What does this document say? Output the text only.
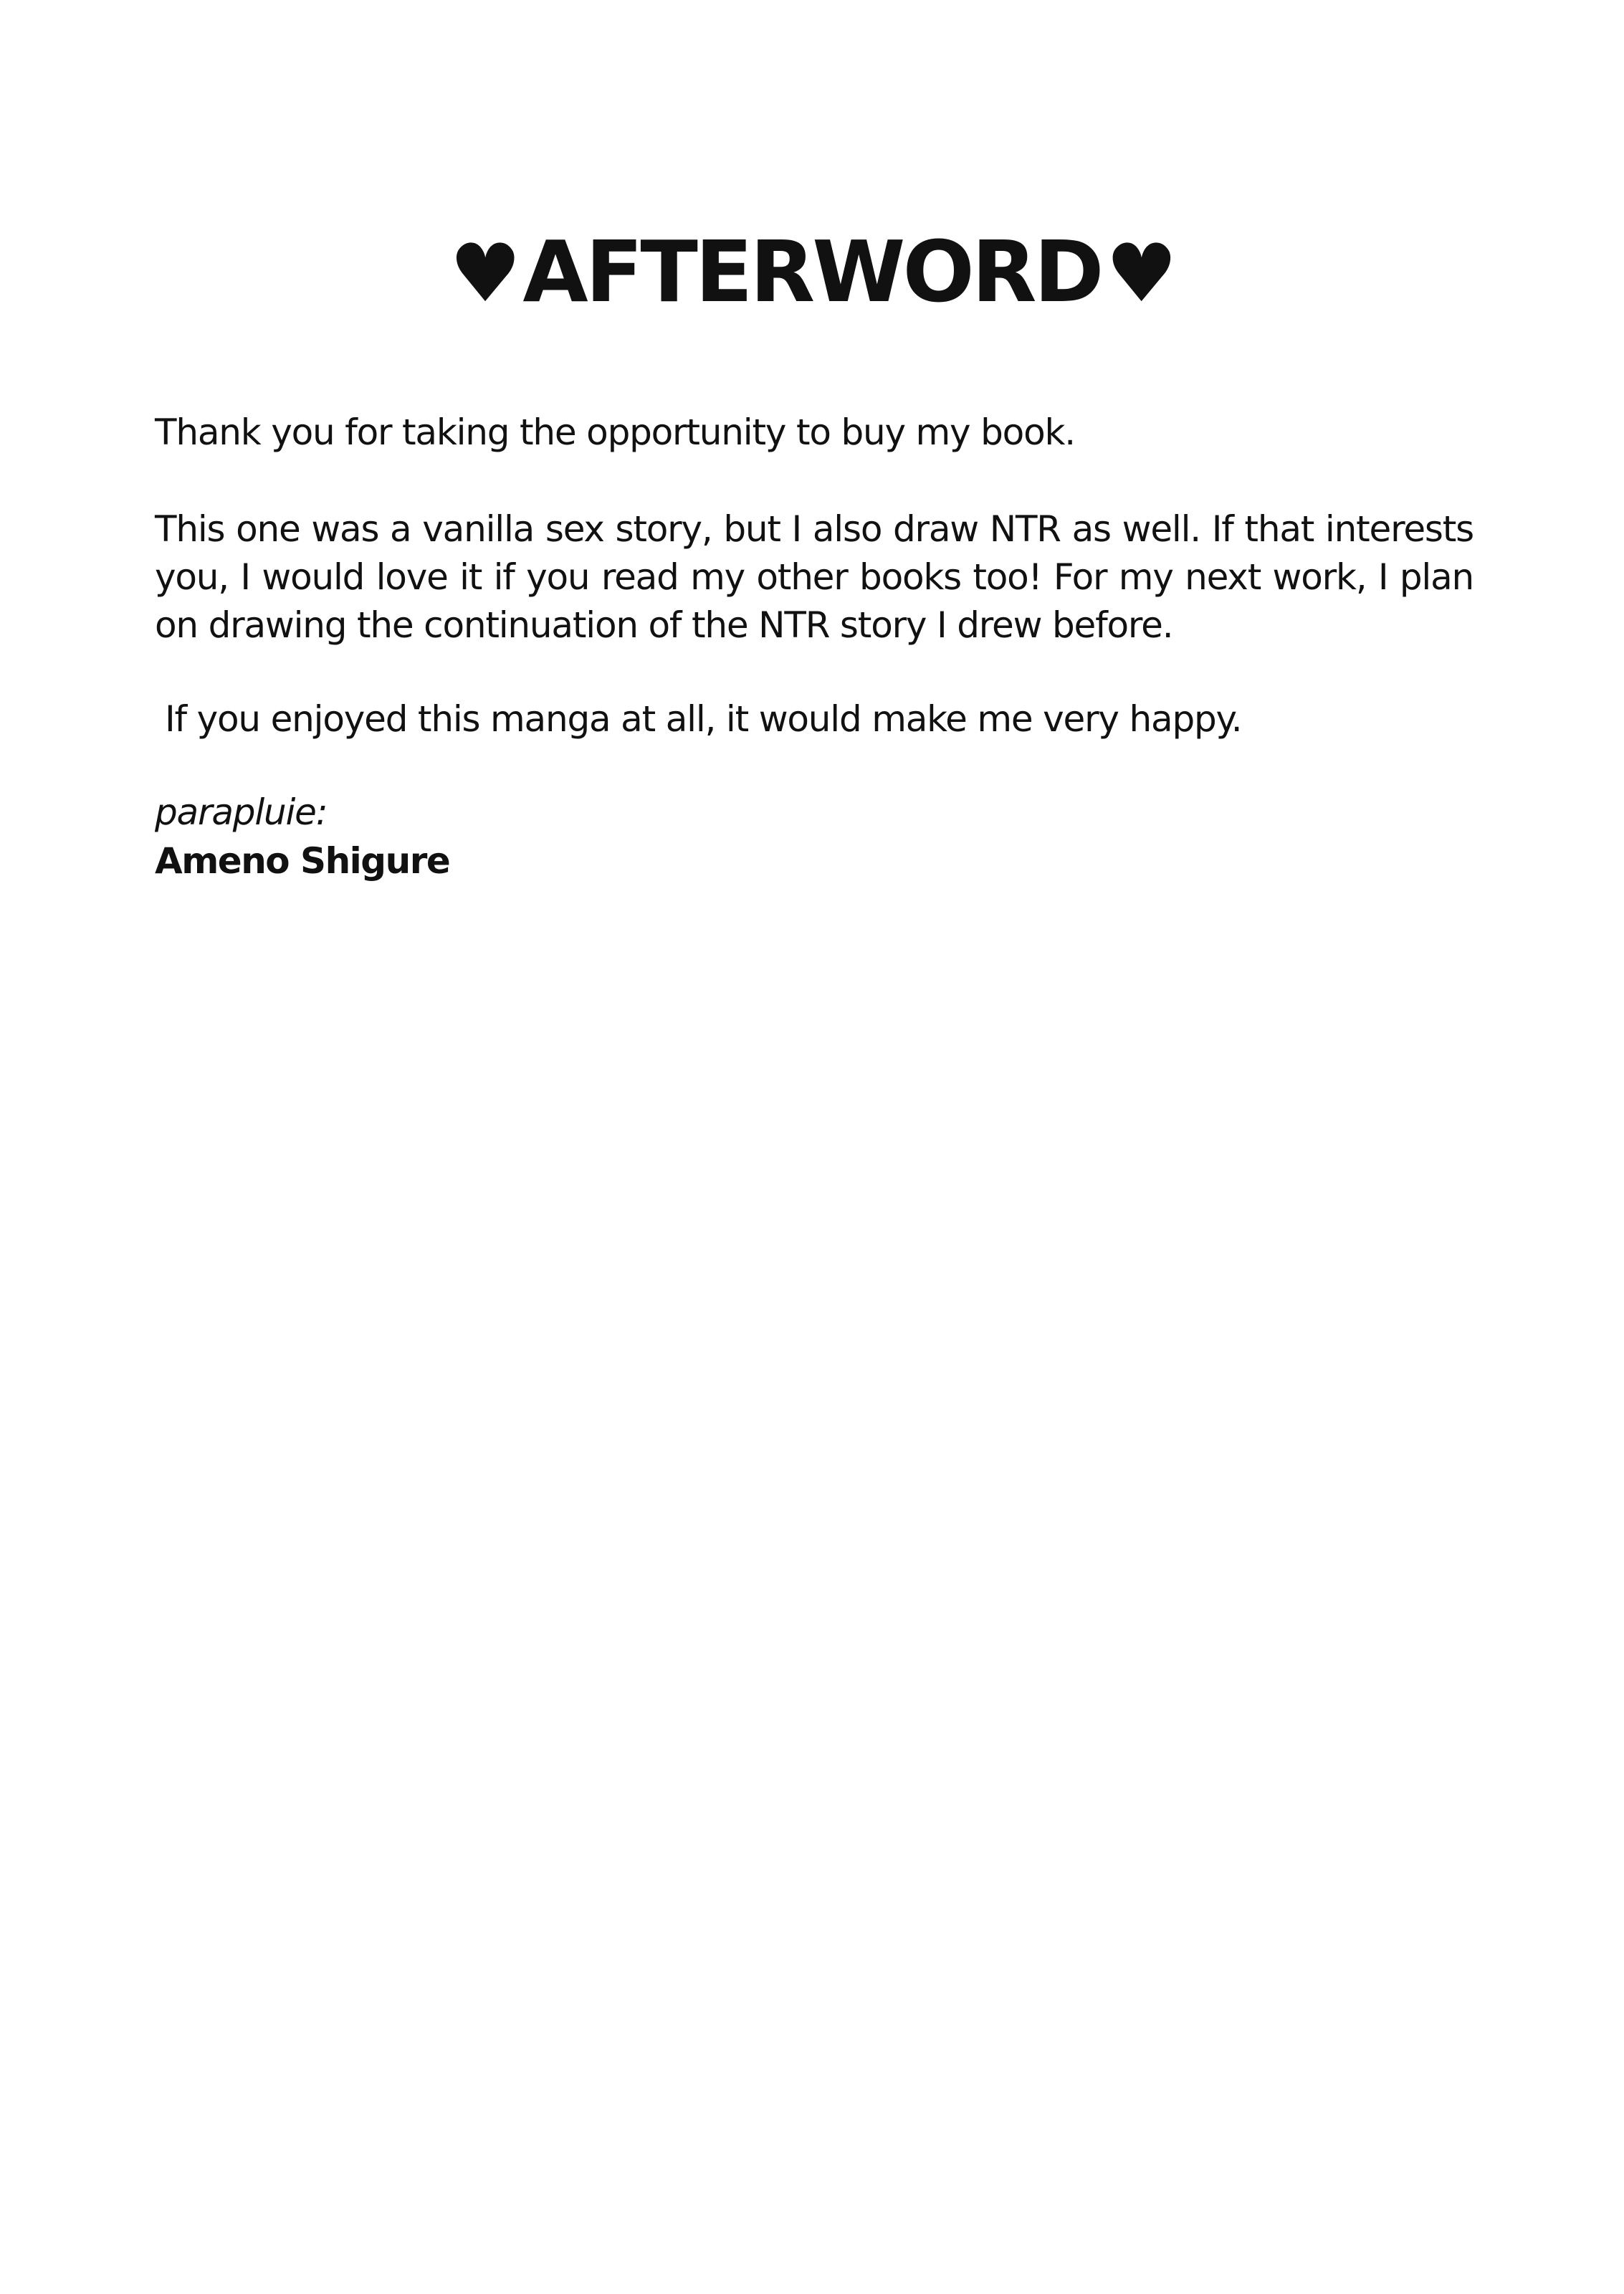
♥AFTERWORD♥

Thank you for taking the opportunity to buy my book.

This one was a vanilla sex story, but I also draw NTR as well. If that interests you, I would love it if you read my other books too! For my next work, I plan on drawing the continuation of the NTR story I drew before.

If you enjoyed this manga at all, it would make me very happy.

parapluie:

Ameno Shigure
